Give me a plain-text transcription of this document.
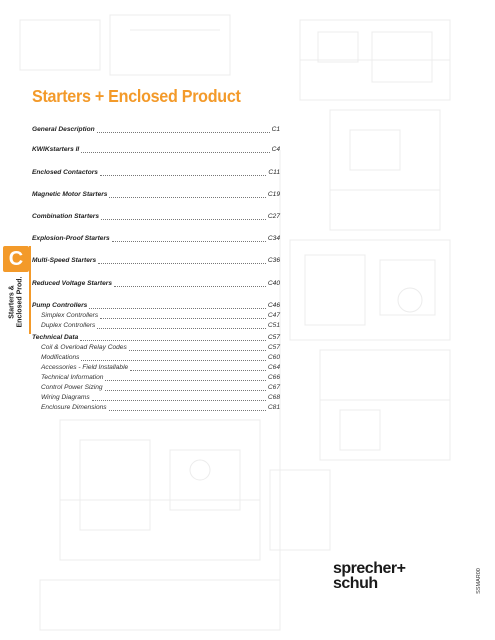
Starters + Enclosed Product
General Description	C1
KWIKstarters II	C4
Enclosed Contactors	C11
Magnetic Motor Starters	C19
Combination Starters	C27
Explosion-Proof Starters	C34
Multi-Speed Starters	C36
Reduced Voltage Starters	C40
Pump Controllers	C46
Simplex Controllers	C47
Duplex Controllers	C51
Technical Data	C57
Coil & Overload Relay Codes	C57
Modifications	C60
Accessories - Field Installable	C64
Technical Information	C66
Control Power Sizing	C67
Wiring Diagrams	C68
Enclosure Dimensions	C81
C
Starters & Enclosed Prod.
sprecher+
schuh	SSMAR00
